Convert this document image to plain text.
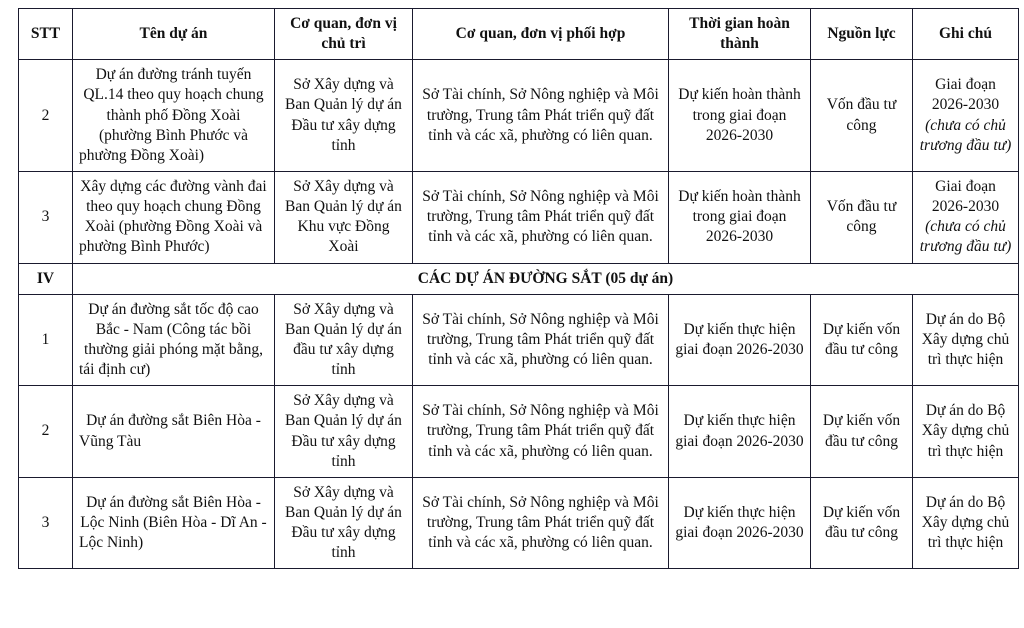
STT	Tên dự án	Cơ quan, đơn vị chủ trì	Cơ quan, đơn vị phối hợp	Thời gian hoàn thành	Nguồn lực	Ghi chú
2	Dự án đường tránh tuyến QL.14 theo quy hoạch chung thành phố Đồng Xoài (phường Bình Phước và phường Đồng Xoài)	Sở Xây dựng và Ban Quản lý dự án Đầu tư xây dựng tỉnh	Sở Tài chính, Sở Nông nghiệp và Môi trường, Trung tâm Phát triển quỹ đất tỉnh và các xã, phường có liên quan.	Dự kiến hoàn thành trong giai đoạn 2026-2030	Vốn đầu tư công	Giai đoạn 2026-2030
(chưa có chủ trương đầu tư)

3	Xây dựng các đường vành đai theo quy hoạch chung Đồng Xoài (phường Đồng Xoài và phường Bình Phước)	Sở Xây dựng và Ban Quản lý dự án Khu vực Đồng Xoài	Sở Tài chính, Sở Nông nghiệp và Môi trường, Trung tâm Phát triển quỹ đất tỉnh và các xã, phường có liên quan.	Dự kiến hoàn thành trong giai đoạn 2026-2030	Vốn đầu tư công	Giai đoạn 2026-2030
(chưa có chủ trương đầu tư)

IV	CÁC DỰ ÁN ĐƯỜNG SẮT (05 dự án)					
1	Dự án đường sắt tốc độ cao Bắc - Nam (Công tác bồi thường giải phóng mặt bằng, tái định cư)	Sở Xây dựng và Ban Quản lý dự án đầu tư xây dựng tỉnh	Sở Tài chính, Sở Nông nghiệp và Môi trường, Trung tâm Phát triển quỹ đất tỉnh và các xã, phường có liên quan.	Dự kiến thực hiện giai đoạn 2026-2030	Dự kiến vốn đầu tư công	Dự án do Bộ Xây dựng chủ trì thực hiện

2	Dự án đường sắt Biên Hòa - Vũng Tàu	Sở Xây dựng và Ban Quản lý dự án Đầu tư xây dựng tỉnh	Sở Tài chính, Sở Nông nghiệp và Môi trường, Trung tâm Phát triển quỹ đất tỉnh và các xã, phường có liên quan.	Dự kiến thực hiện giai đoạn 2026-2030	Dự kiến vốn đầu tư công	Dự án do Bộ Xây dựng chủ trì thực hiện

3	Dự án đường sắt Biên Hòa - Lộc Ninh (Biên Hòa - Dĩ An - Lộc Ninh)	Sở Xây dựng và Ban Quản lý dự án Đầu tư xây dựng tỉnh	Sở Tài chính, Sở Nông nghiệp và Môi trường, Trung tâm Phát triển quỹ đất tỉnh và các xã, phường có liên quan.	Dự kiến thực hiện giai đoạn 2026-2030	Dự kiến vốn đầu tư công	Dự án do Bộ Xây dựng chủ trì thực hiện
